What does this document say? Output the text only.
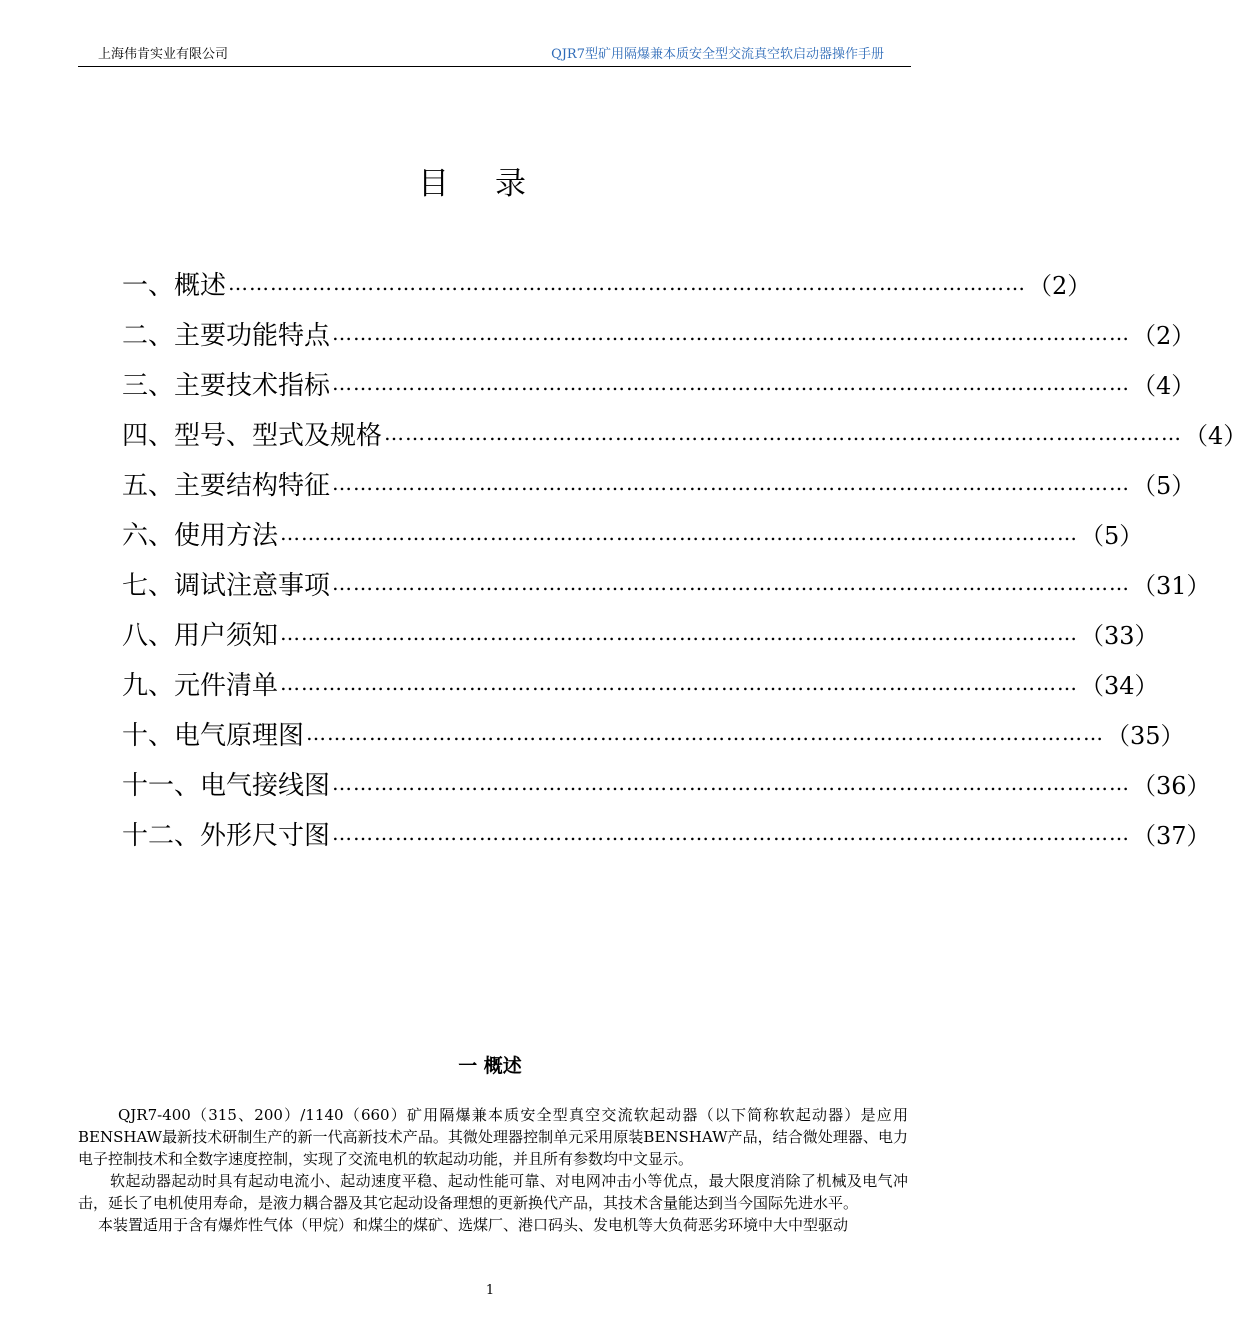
上海伟肯实业有限公司	QJR7型矿用隔爆兼本质安全型交流真空软启动器操作手册
目 录
一、概述 …………………………………………………………………………………………………… （2）
二、主要功能特点 …………………………………………………………………………………………………… （2）
三、主要技术指标 …………………………………………………………………………………………………… （4）
四、型号、型式及规格 …………………………………………………………………………………………………… （4）
五、主要结构特征 …………………………………………………………………………………………………… （5）
六、使用方法 …………………………………………………………………………………………………… （5）
七、调试注意事项 …………………………………………………………………………………………………… （31）
八、用户须知 …………………………………………………………………………………………………… （33）
九、元件清单 …………………………………………………………………………………………………… （34）
十、电气原理图 …………………………………………………………………………………………………… （35）
十一、电气接线图 …………………………………………………………………………………………………… （36）
十二、外形尺寸图 …………………………………………………………………………………………………… （37）
一 概述

QJR7-400（315、200）/1140（660）矿用隔爆兼本质安全型真空交流软起动器（以下简称软起动器）是应用BENSHAW最新技术研制生产的新一代高新技术产品。其微处理器控制单元采用原装BENSHAW产品，结合微处理器、电力电子控制技术和全数字速度控制，实现了交流电机的软起动功能，并且所有参数均中文显示。

软起动器起动时具有起动电流小、起动速度平稳、起动性能可靠、对电网冲击小等优点，最大限度消除了机械及电气冲击，延长了电机使用寿命，是液力耦合器及其它起动设备理想的更新换代产品，其技术含量能达到当今国际先进水平。

本装置适用于含有爆炸性气体（甲烷）和煤尘的煤矿、选煤厂、港口码头、发电机等大负荷恶劣环境中大中型驱动

1
